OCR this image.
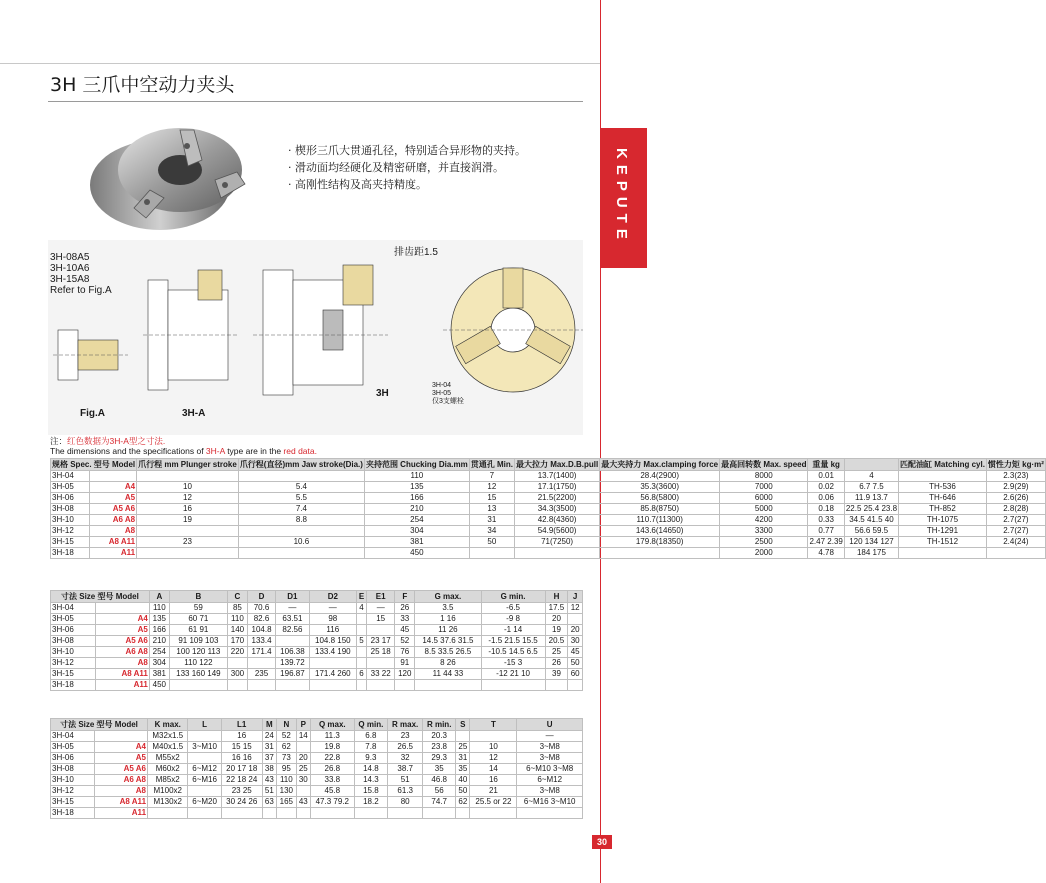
KEPUTE
3H 三爪中空动力夹头
· 楔形三爪大贯通孔径，特别适合异形物的夹持。
· 滑动面均经硬化及精密研磨，并直接润滑。
· 高刚性结构及高夹持精度。
3H-08A5
3H-10A6
3H-15A8
Refer to Fig.A
Fig.A	3H-A
3H
排齿距1.5
3H-04
3H-05
仅3支螺栓
注：红色数据为3H-A型之寸法.
The dimensions and the specifications of 3H-A type are in the red data.
规格 Spec. 型号 Model		爪行程 mm Plunger stroke	爪行程(直径)mm Jaw stroke(Dia.)	夹持范围 Chucking Dia.mm	贯通孔 Min.	最大拉力 Max.D.B.pull	最大夹持力 Max.clamping force	最高回转数 Max. speed	重量 kg		匹配油缸 Matching cyl.	惯性力矩 kg·m²
3H-04				110	7	13.7(1400)	28.4(2900)	8000	0.01	4		2.3(23)
3H-05	A4	10	5.4	135	12	17.1(1750)	35.3(3600)	7000	0.02	6.7 7.5	TH-536	2.9(29)
3H-06	A5	12	5.5	166	15	21.5(2200)	56.8(5800)	6000	0.06	11.9 13.7	TH-646	2.6(26)
3H-08	A5 A6	16	7.4	210	13	34.3(3500)	85.8(8750)	5000	0.18	22.5 25.4 23.8	TH-852	2.8(28)
3H-10	A6 A8	19	8.8	254	31	42.8(4360)	110.7(11300)	4200	0.33	34.5 41.5 40	TH-1075	2.7(27)
3H-12	A8			304	34	54.9(5600)	143.6(14650)	3300	0.77	56.6 59.5	TH-1291	2.7(27)
3H-15	A8 A11	23	10.6	381	50	71(7250)	179.8(18350)	2500	2.47 2.39	120 134 127	TH-1512	2.4(24)
3H-18	A11			450				2000	4.78	184 175		
寸法 Size 型号 Model		A	B	C	D	D1	D2	E	E1	F	G max.	G min.	H	J
3H-04		110	59	85	70.6	—	—	4	—	26	3.5	-6.5	17.5	12
3H-05	A4	135	60 71	110	82.6	63.51	98		15	33	1 16	-9 8	20	
3H-06	A5	166	61 91	140	104.8	82.56	116			45	11 26	-1 14	19	20
3H-08	A5 A6	210	91 109 103	170	133.4		104.8 150	5	23 17	52	14.5 37.6 31.5	-1.5 21.5 15.5	20.5	30
3H-10	A6 A8	254	100 120 113	220	171.4	106.38	133.4 190		25 18	76	8.5 33.5 26.5	-10.5 14.5 6.5	25	45
3H-12	A8	304	110 122			139.72				91	8 26	-15 3	26	50
3H-15	A8 A11	381	133 160 149	300	235	196.87	171.4 260	6	33 22	120	11 44 33	-12 21 10	39	60
3H-18	A11	450												
寸法 Size 型号 Model		K max.	L	L1	M	N	P	Q max.	Q min.	R max.	R min.	S	T	U
3H-04		M32x1.5		16	24	52	14	11.3	6.8	23	20.3			—
3H-05	A4	M40x1.5	3~M10	15 15	31	62		19.8	7.8	26.5	23.8	25	10	3~M8
3H-06	A5	M55x2		16 16	37	73	20	22.8	9.3	32	29.3	31	12	3~M8
3H-08	A5 A6	M60x2	6~M12	20 17 18	38	95	25	26.8	14.8	38.7	35	35	14	6~M10 3~M8
3H-10	A6 A8	M85x2	6~M16	22 18 24	43	110	30	33.8	14.3	51	46.8	40	16	6~M12
3H-12	A8	M100x2		23 25	51	130		45.8	15.8	61.3	56	50	21	3~M8
3H-15	A8 A11	M130x2	6~M20	30 24 26	63	165	43	47.3 79.2	18.2	80	74.7	62	25.5 or 22	6~M16 3~M10
3H-18	A11													
30
